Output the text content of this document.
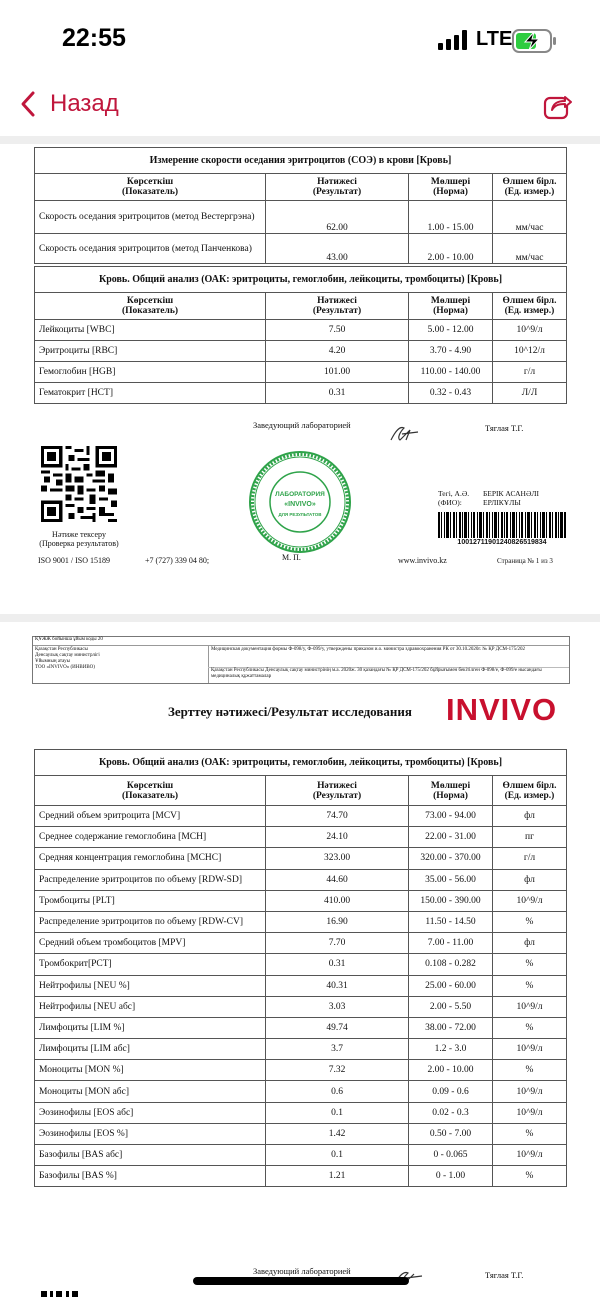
22:55	LTE
Назад
Измерение скорости оседания эритроцитов (СОЭ) в крови [Кровь]			
Көрсеткіш
(Показатель)	Нәтижесі
(Результат)	Мөлшері
(Норма)	Өлшем бірл.
(Ед. измер.)
Скорость оседания эритроцитов (метод Вестергрэна)	62.00	1.00 - 15.00	мм/час
Скорость оседания эритроцитов (метод Панченкова)	43.00	2.00 - 10.00	мм/час
Кровь. Общий анализ (ОАК: эритроциты, гемоглобин, лейкоциты, тромбоциты) [Кровь]			
Көрсеткіш
(Показатель)	Нәтижесі
(Результат)	Мөлшері
(Норма)	Өлшем бірл.
(Ед. измер.)
Лейкоциты [WBC]	7.50	5.00 - 12.00	10^9/л
Эритроциты [RBC]	4.20	3.70 - 4.90	10^12/л
Гемоглобин [HGB]	101.00	110.00 - 140.00	г/л
Гематокрит [HCT]	0.31	0.32 - 0.43	Л/Л
Заведующий лабораторией	Тяглая Т.Г.
Нәтиже тексеру
(Проверка результатов)
ЛАБОРАТОРИЯ
«INVIVO»
ДЛЯ РЕЗУЛЬТАТОВ
Тегі, А.Ә.
(ФИО):
БЕРІК АСАНӘЛІ
ЕРЛІКҰЛЫ
10012711901240826519834
ISO 9001 / ISO 15189	+7 (727) 339 04 80;	М. П.	www.invivo.kz	Страница № 1 из 3
ҚҰЖЖ бойынша ұйым коды 20
Қазақстан Республикасы
Денсаулық сақтау министрлігі
Ұйымның атауы
ТОО «INVIVO» (ИНВИВО)
Медицинская документация формы Ф-098/у, Ф-099/у, утверждены приказом и.о. министра здравоохранения РК от 30.10.2020г. № ҚР ДСМ-175/202
Қазақстан Республикасы Денсаулық сақтау министрінің м.а. 2020ж. 30 қазандағы № ҚР ДСМ-175/202 бұйрығымен бекітілген Ф-098/е, Ф-099/е нысандағы медициналық құжаттамалар
Зерттеу нәтижесі/Результат исследования INVIVO
Кровь. Общий анализ (ОАК: эритроциты, гемоглобин, лейкоциты, тромбоциты) [Кровь]			
Көрсеткіш
(Показатель)	Нәтижесі
(Результат)	Мөлшері
(Норма)	Өлшем бірл.
(Ед. измер.)
Средний объем эритроцита [MCV]	74.70	73.00 - 94.00	фл
Среднее содержание гемоглобина [MCH]	24.10	22.00 - 31.00	пг
Средняя концентрация гемоглобина [MCHC]	323.00	320.00 - 370.00	г/л
Распределение эритроцитов по объему [RDW-SD]	44.60	35.00 - 56.00	фл
Тромбоциты [PLT]	410.00	150.00 - 390.00	10^9/л
Распределение эритроцитов по объему [RDW-CV]	16.90	11.50 - 14.50	%
Средний объем тромбоцитов [MPV]	7.70	7.00 - 11.00	фл
Тромбокрит[PCT]	0.31	0.108 - 0.282	%
Нейтрофилы [NEU %]	40.31	25.00 - 60.00	%
Нейтрофилы [NEU абс]	3.03	2.00 - 5.50	10^9/л
Лимфоциты [LIM %]	49.74	38.00 - 72.00	%
Лимфоциты [LIM абс]	3.7	1.2 - 3.0	10^9/л
Моноциты [MON %]	7.32	2.00 - 10.00	%
Моноциты [MON абс]	0.6	0.09 - 0.6	10^9/л
Эозинофилы [EOS абс]	0.1	0.02 - 0.3	10^9/л
Эозинофилы [EOS %]	1.42	0.50 - 7.00	%
Базофилы [BAS абс]	0.1	0 - 0.065	10^9/л
Базофилы [BAS %]	1.21	0 - 1.00	%
Заведующий лабораторией	Тяглая Т.Г.
